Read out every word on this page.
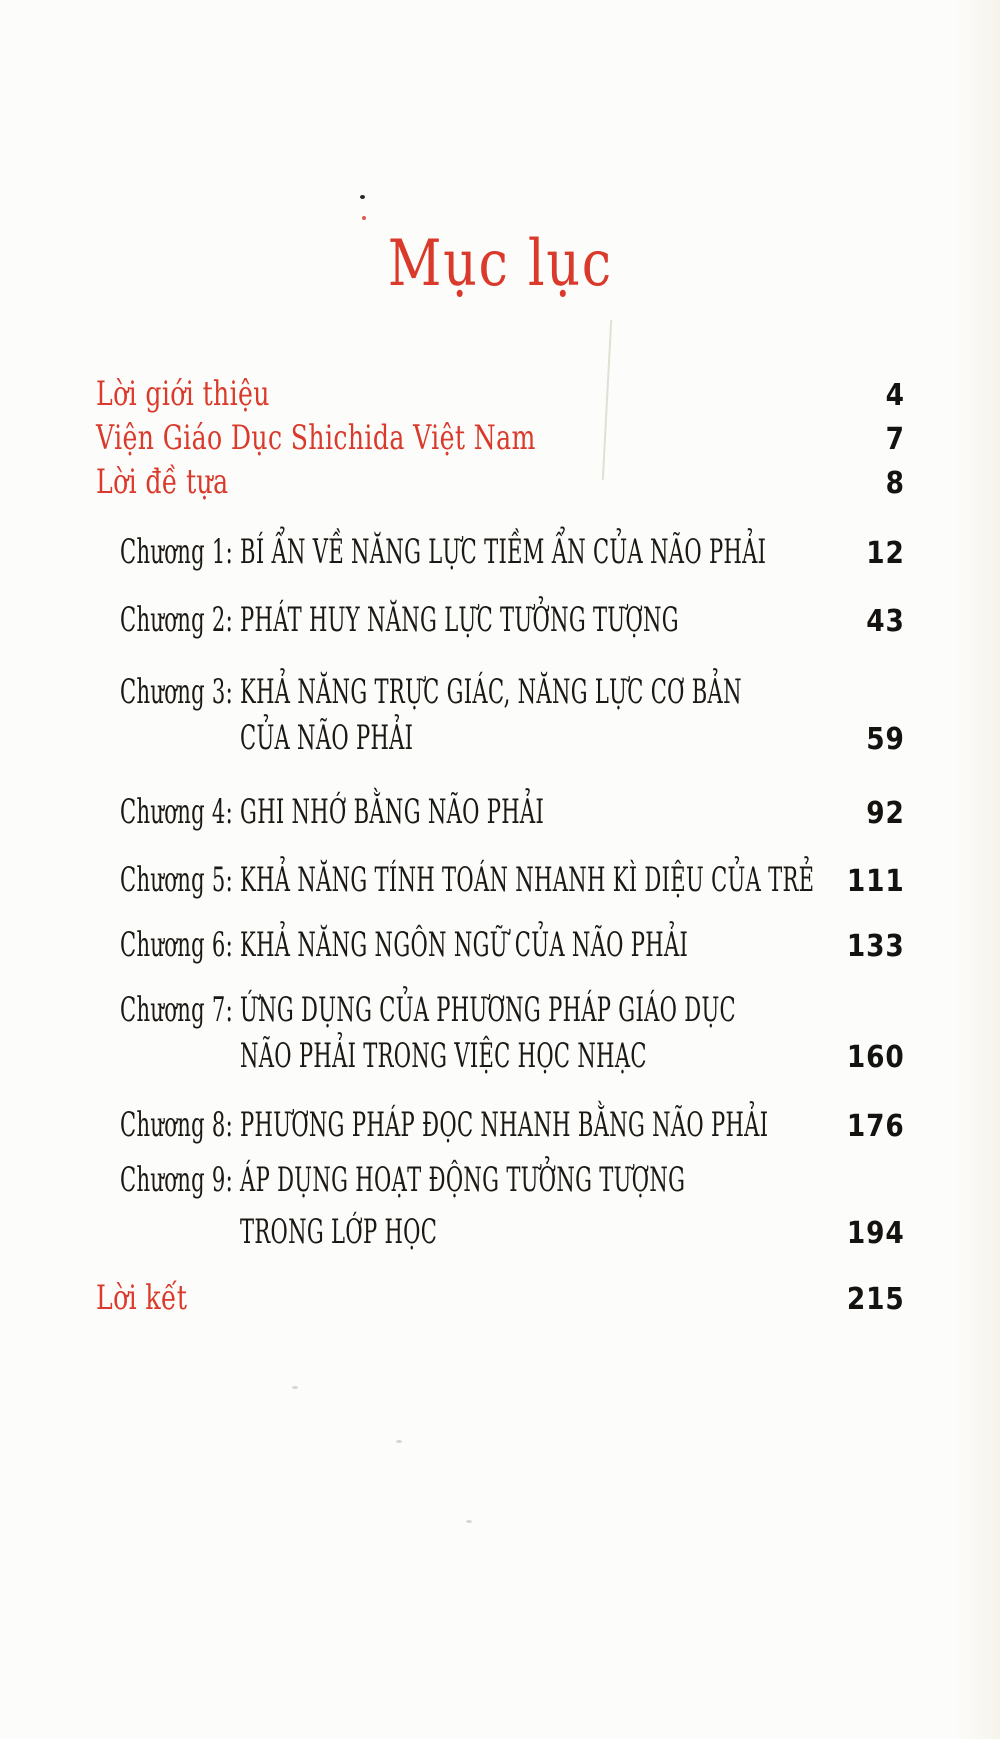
Mục lục
Lời giới thiệu	4
Viện Giáo Dục Shichida Việt Nam	7
Lời đề tựa	8
Chương 1: BÍ ẨN VỀ NĂNG LỰC TIỀM ẨN CỦA NÃO PHẢI	12
Chương 2: PHÁT HUY NĂNG LỰC TƯỞNG TƯỢNG	43
Chương 3: KHẢ NĂNG TRỰC GIÁC, NĂNG LỰC CƠ BẢN
CỦA NÃO PHẢI	59
Chương 4: GHI NHỚ BẰNG NÃO PHẢI	92
Chương 5: KHẢ NĂNG TÍNH TOÁN NHANH KÌ DIỆU CỦA TRẺ 111
Chương 6: KHẢ NĂNG NGÔN NGỮ CỦA NÃO PHẢI	133
Chương 7: ỨNG DỤNG CỦA PHƯƠNG PHÁP GIÁO DỤC
NÃO PHẢI TRONG VIỆC HỌC NHẠC	160
Chương 8: PHƯƠNG PHÁP ĐỌC NHANH BẰNG NÃO PHẢI	176
Chương 9: ÁP DỤNG HOẠT ĐỘNG TƯỞNG TƯỢNG
TRONG LỚP HỌC	194
Lời kết	215
